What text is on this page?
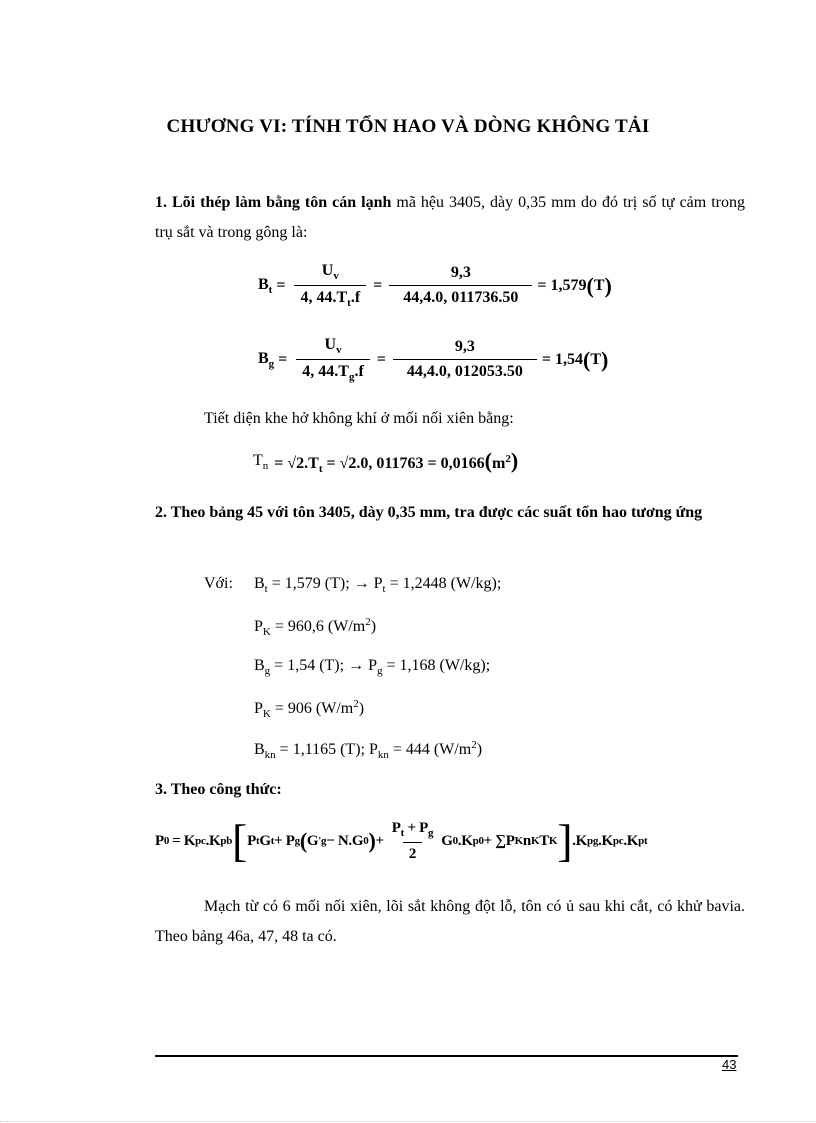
CHƯƠNG VI: TÍNH TỔN HAO VÀ DÒNG KHÔNG TẢI
1. Lõi thép làm bằng tôn cán lạnh mã hệu 3405, dày 0,35 mm do đó trị số tự cảm trong trụ sắt và trong gông là:
$B_t = \frac{U_v}{4, 44.T_t.f} = \frac{9,3}{44,4.0, 011736.50} = 1,579$ ( T )
$B_g = \frac{U_v}{4, 44.T_g.f} = \frac{9,3}{44,4.0, 012053.50} = 1,54$ ( T )
Tiết diện khe hở không khí ở mối nối xiên bằng:
$T_n = √2.T_t = √2.0$, $011763 = 0,0166(m^2)$
2. Theo bảng 45 với tôn 3405, dày 0,35 mm, tra được các suất tổn hao tương ứng
Với: $B_t = 1,579$ (T); → $P_t = 1,2448$ (W/kg);
$P_K = 960,6$ $(W/m^2)$
$B_g = 1,54$ (T); → $P_g = 1,168$ (W/kg);
$P_K = 906$ $(W/m^2)$
$B_{kn} = 1,1165$ (T); $P_{kn} = 444$ $(W/m^2)$
3. Theo công thức:
P 0 = K pc .K pb [ P t G t + P g ( G ' g − N.G 0 ) + $\frac{P_t + P_g}{2}$ G 0 .K p0 + ∑P K n K T K ] .K pg .K pc .K pt
Mạch từ có 6 mối nối xiên, lõi sắt không đột lỗ, tôn có ủ sau khi cắt, có khử bavia. Theo bảng 46a, 47, 48 ta có.
43
